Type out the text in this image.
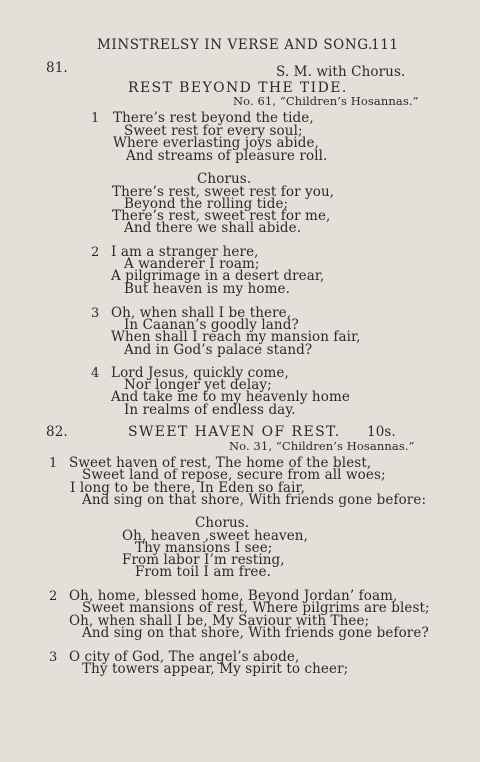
MINSTRELSY IN VERSE AND SONG.
111
81.	S. M. with Chorus.
REST BEYOND THE TIDE.
No. 61, “Children’s Hosannas.”
1 There’s rest beyond the tide,
Sweet rest for every soul;
Where everlasting joys abide,
And streams of pleasure roll.
Chorus.
There’s rest, sweet rest for you,
Beyond the rolling tide;
There’s rest, sweet rest for me,
And there we shall abide.
2 I am a stranger here,
A wanderer I roam;
A pilgrimage in a desert drear,
But heaven is my home.
3 Oh, when shall I be there,
In Caanan’s goodly land?
When shall I reach my mansion fair,
And in God’s palace stand?
4 Lord Jesus, quickly come,
Nor longer yet delay;
And take me to my heavenly home
In realms of endless day.
82.	SWEET HAVEN OF REST. 10s.
No. 31, “Children’s Hosannas.”
1 Sweet haven of rest, The home of the blest,
Sweet land of repose, secure from all woes;
I long to be there, In Eden so fair,
And sing on that shore, With friends gone before:
Chorus.
Oh, heaven ,sweet heaven,
Thy mansions I see;
From labor I’m resting,
From toil I am free.
2 Oh, home, blessed home, Beyond Jordan’ foam,
Sweet mansions of rest, Where pilgrims are blest;
Oh, when shall I be, My Saviour with Thee;
And sing on that shore, With friends gone before?
3 O city of God, The angel’s abode,
Thy towers appear, My spirit to cheer;
